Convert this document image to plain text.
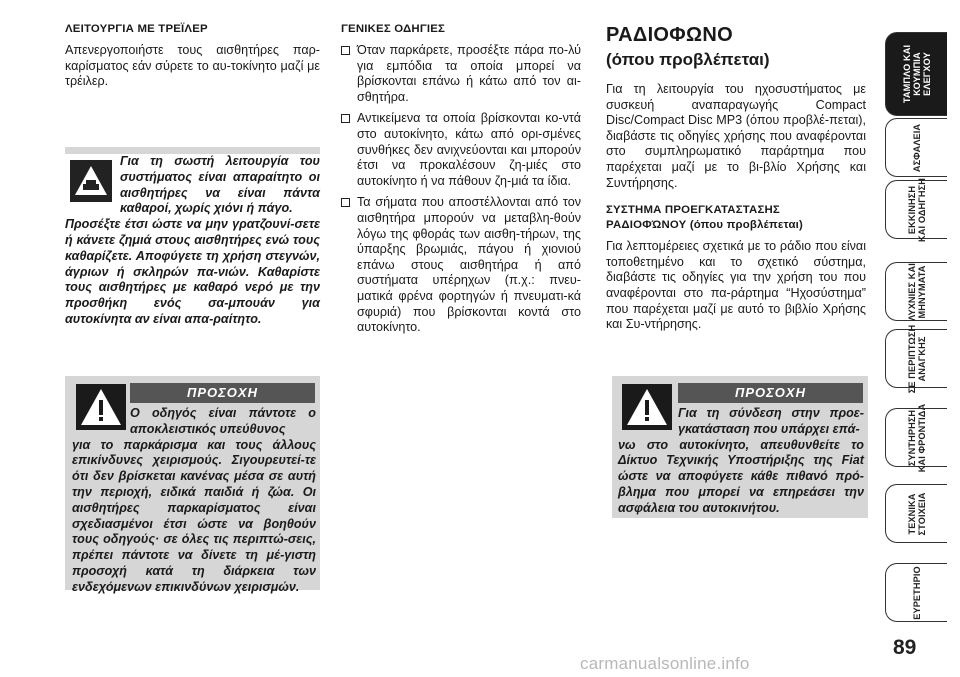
ΛΕΙΤΟΥΡΓΙΑ ΜΕ ΤΡΕΪΛΕΡ

Απενεργοποιήστε τους αισθητήρες παρ-καρίσματος εάν σύρετε το αυ-τοκίνητο μαζί με τρέιλερ.

Για τη σωστή λειτουργία του συστήματος είναι απαραίτητο οι αισθητήρες να είναι πάντα καθαροί, χωρίς χιόνι ή πάγο.
Προσέξτε έτσι ώστε να μην γρατζουνί-σετε ή κάνετε ζημιά στους αισθητήρες ενώ τους καθαρίζετε. Αποφύγετε τη χρήση στεγνών, άγριων ή σκληρών πα-νιών. Καθαρίστε τους αισθητήρες με καθαρό νερό με την προσθήκη ενός σα-μπουάν για αυτοκίνητα αν είναι απα-ραίτητο.
ΠΡΟΣΟΧΗ
Ο οδηγός είναι πάντοτε ο αποκλειστικός υπεύθυνος
για το παρκάρισμα και τους άλλους επικίνδυνες χειρισμούς. Σιγουρευτεί-τε ότι δεν βρίσκεται κανένας μέσα σε αυτή την περιοχή, ειδικά παιδιά ή ζώα. Οι αισθητήρες παρκαρίσματος είναι σχεδιασμένοι έτσι ώστε να βοηθούν τους οδηγούς· σε όλες τις περιπτώ-σεις, πρέπει πάντοτε να δίνετε τη μέ-γιστη προσοχή κατά τη διάρκεια των ενδεχόμενων επικινδύνων χειρισμών.

ΓΕΝΙΚΕΣ ΟΔΗΓΙΕΣ

Όταν παρκάρετε, προσέξτε πάρα πο-λύ για εμπόδια τα οποία μπορεί να βρίσκονται επάνω ή κάτω από τον αι-σθητήρα.

Αντικείμενα τα οποία βρίσκονται κο-ντά στο αυτοκίνητο, κάτω από ορι-σμένες συνθήκες δεν ανιχνεύονται και μπορούν έτσι να προκαλέσουν ζη-μιές στο αυτοκίνητο ή να πάθουν ζη-μιά τα ίδια.

Τα σήματα που αποστέλλονται από τον αισθητήρα μπορούν να μεταβλη-θούν λόγω της φθοράς των αισθη-τήρων, της ύπαρξης βρωμιάς, πάγου ή χιονιού επάνω στους αισθητήρα ή από συστήματα υπέρηχων (π.χ.: πνευ-ματικά φρένα φορτηγών ή πνευματι-κά σφυριά) που βρίσκονται κοντά στο αυτοκίνητο.

ΡΑΔΙΟΦΩΝΟ
(όπου προβλέπεται)

Για τη λειτουργία του ηχοσυστήματος με συσκευή αναπαραγωγής Compact Disc/Compact Disc MP3 (όπου προβλέ-πεται), διαβάστε τις οδηγίες χρήσης που αναφέρονται στο συμπληρωματικό παράρτημα που παρέχεται μαζί με το βι-βλίο Χρήσης και Συντήρησης.

ΣΥΣΤΗΜΑ ΠΡΟΕΓΚΑΤΑΣΤΑΣΗΣ

ΡΑΔΙΟΦΏΝΟΥ (όπου προβλέπεται)

Για λεπτομέρειες σχετικά με το ράδιο που είναι τοποθετημένο και το σχετικό σύστημα, διαβάστε τις οδηγίες για την χρήση του που αναφέρονται στο πα-ράρτημα “Ηχοσύστημα” που παρέχεται μαζί με αυτό το βιβλίο Χρήσης και Συ-ντήρησης.

ΠΡΟΣΟΧΗ
Για τη σύνδεση στην προε-γκατάσταση που υπάρχει επά-
νω στο αυτοκίνητο, απευθυνθείτε το Δίκτυο Τεχνικής Υποστήριξης της Fiat ώστε να αποφύγετε κάθε πιθανό πρό-βλημα που μπορεί να επηρεάσει την ασφάλεια του αυτοκινήτου.
ΤΑΜΠΛΟ ΚΑΙ
ΚΟΥΜΠΙΑ
ΕΛΕΓΧΟΥ
ΑΣΦΑΛΕΙΑ
ΕΚΚΙΝΗΣΗ
ΚΑΙ ΟΔΗΓΗΣΗ
ΛΥΧΝΙΕΣ ΚΑΙ
ΜΗΝΥΜΑΤΑ
ΣΕ ΠΕΡΙΠΤΩΣΗ
ΑΝΑΓΚΗΣ
ΣΥΝΤΗΡΗΣΗ
ΚΑΙ ΦΡΟΝΤΙΔΑ
ΤΕΧΝΙΚΑ
ΣΤΟΙΧΕΙΑ
ΕΥΡΕΤΗΡΙΟ
89
carmanualsonline.info
